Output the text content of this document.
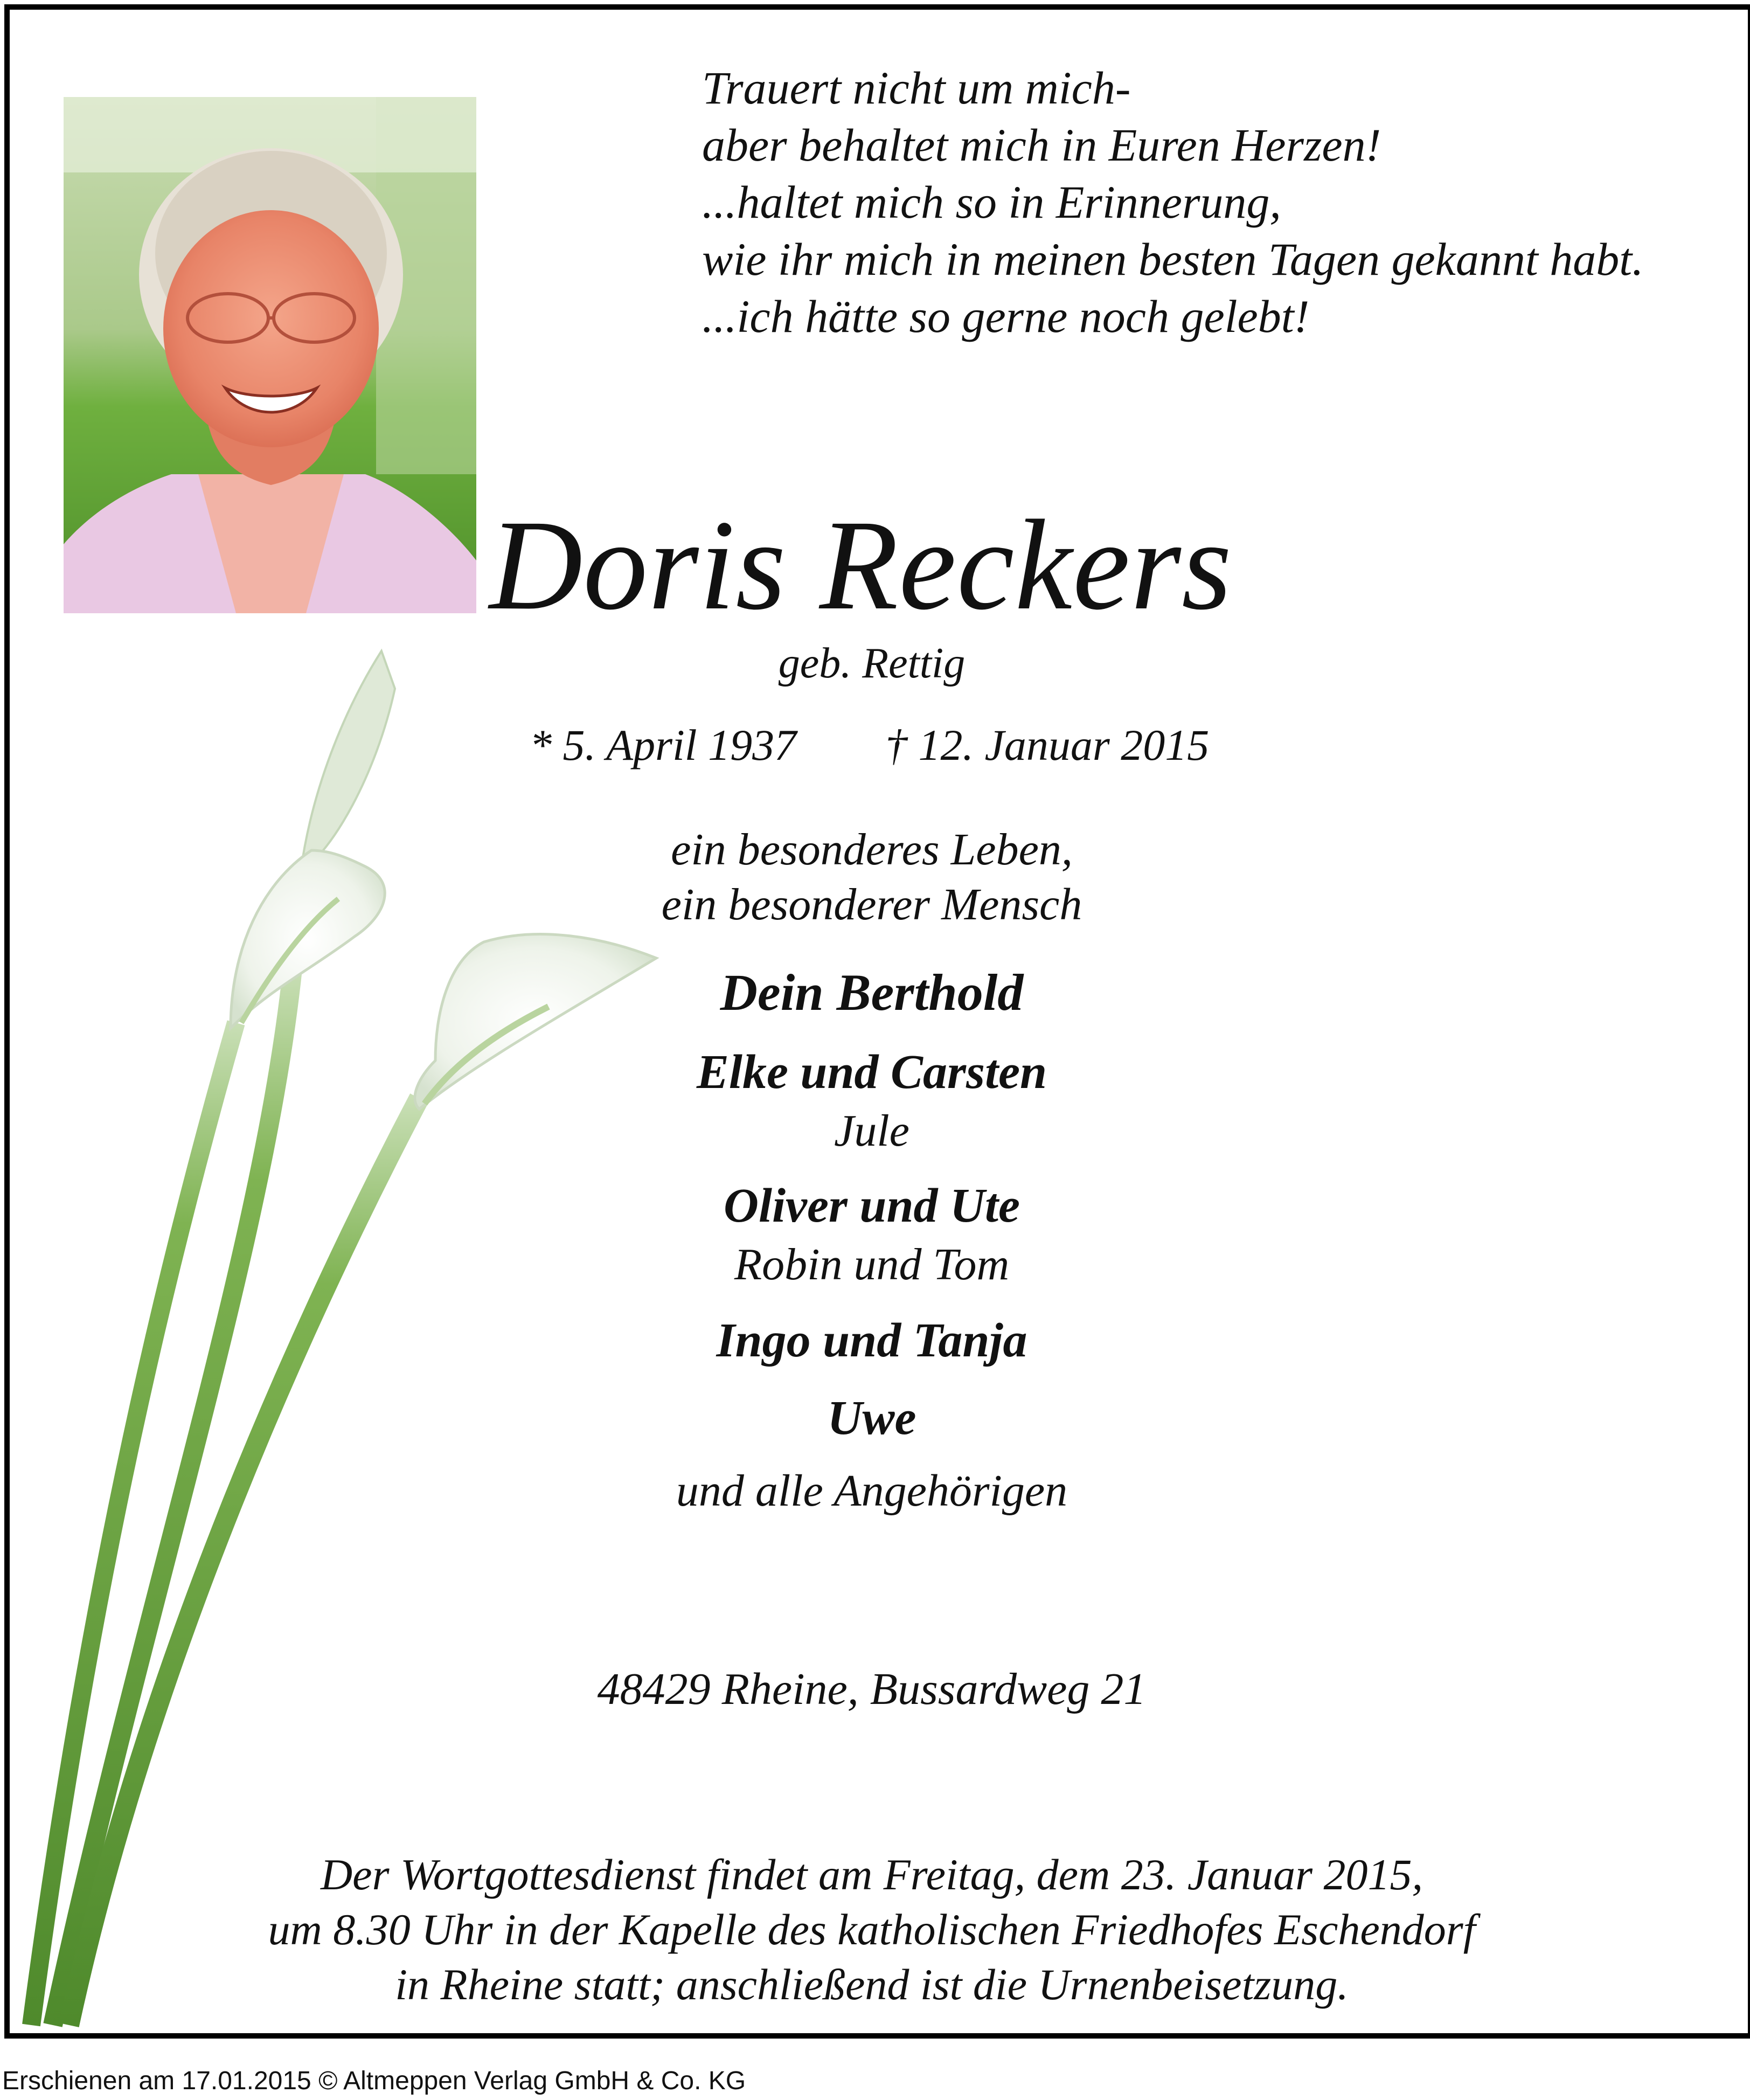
Trauert nicht um mich-
aber behaltet mich in Euren Herzen!
...haltet mich so in Erinnerung,
wie ihr mich in meinen besten Tagen gekannt habt.
...ich hätte so gerne noch gelebt!
Doris Reckers
geb. Rettig
* 5. April 1937 † 12. Januar 2015
ein besonderes Leben,
ein besonderer Mensch
Dein Berthold
Elke und Carsten
Jule
Oliver und Ute
Robin und Tom
Ingo und Tanja
Uwe
und alle Angehörigen
48429 Rheine, Bussardweg 21
Der Wortgottesdienst findet am Freitag, dem 23. Januar 2015,
um 8.30 Uhr in der Kapelle des katholischen Friedhofes Eschendorf
in Rheine statt; anschließend ist die Urnenbeisetzung.
Erschienen am 17.01.2015 © Altmeppen Verlag GmbH & Co. KG
